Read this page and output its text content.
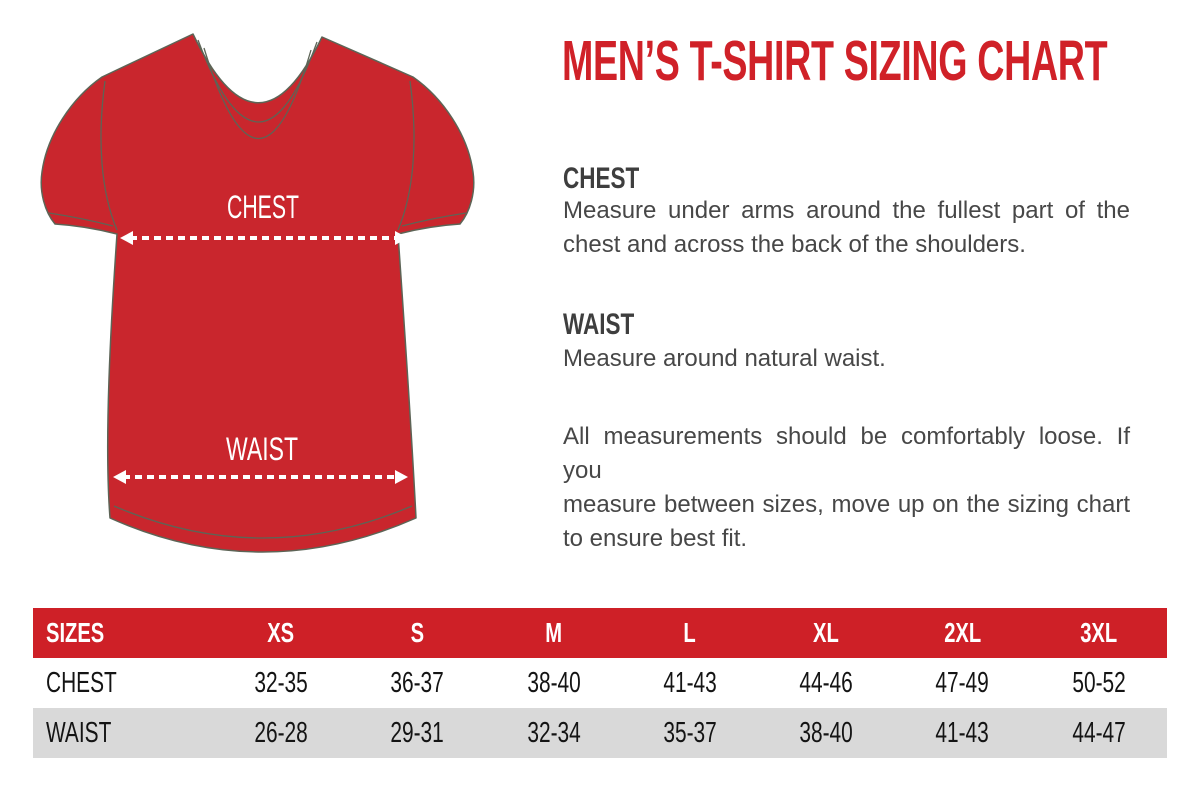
CHEST
WAIST
MEN’S T-SHIRT SIZING CHART
CHEST
Measure under arms around the fullest part of the
chest and across the back of the shoulders.
WAIST
Measure around natural waist.
All measurements should be comfortably loose. If you
measure between sizes, move up on the sizing chart
to ensure best fit.
SIZES	XS	S	M	L	XL	2XL	3XL
CHEST	32-35	36-37	38-40	41-43	44-46	47-49	50-52
WAIST	26-28	29-31	32-34	35-37	38-40	41-43	44-47
